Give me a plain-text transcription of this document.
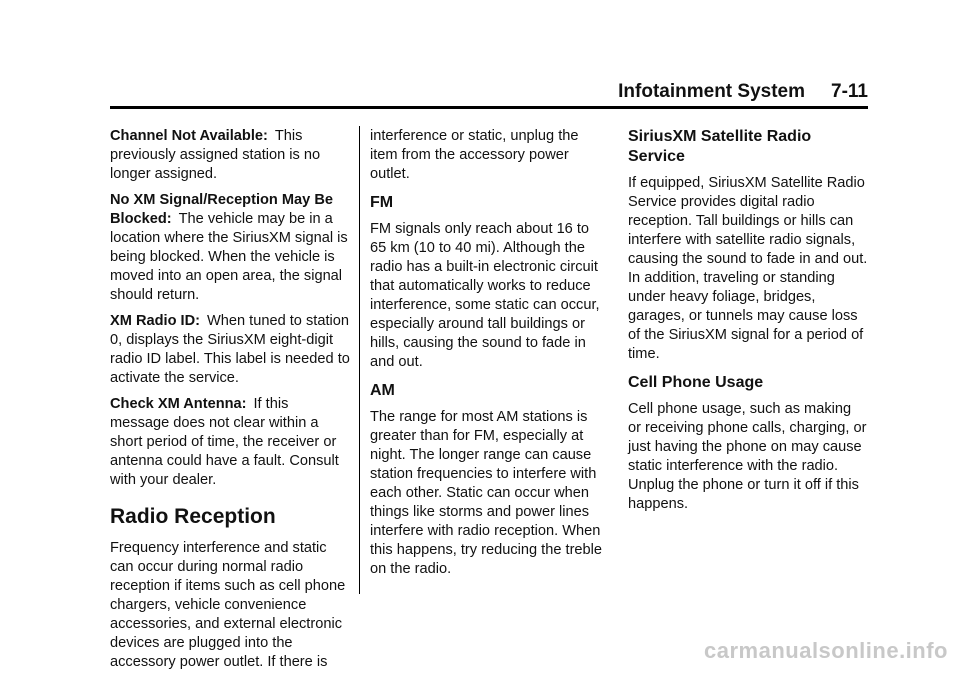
Infotainment System 7-11

Channel Not Available: This previously assigned station is no longer assigned.

No XM Signal/Reception May Be Blocked: The vehicle may be in a location where the SiriusXM signal is being blocked. When the vehicle is moved into an open area, the signal should return.

XM Radio ID: When tuned to station 0, displays the SiriusXM eight-digit radio ID label. This label is needed to activate the service.

Check XM Antenna: If this message does not clear within a short period of time, the receiver or antenna could have a fault. Consult with your dealer.

Radio Reception

Frequency interference and static can occur during normal radio reception if items such as cell phone chargers, vehicle convenience accessories, and external electronic devices are plugged into the accessory power outlet. If there is

interference or static, unplug the item from the accessory power outlet.

FM

FM signals only reach about 16 to 65 km (10 to 40 mi). Although the radio has a built-in electronic circuit that automatically works to reduce interference, some static can occur, especially around tall buildings or hills, causing the sound to fade in and out.

AM

The range for most AM stations is greater than for FM, especially at night. The longer range can cause station frequencies to interfere with each other. Static can occur when things like storms and power lines interfere with radio reception. When this happens, try reducing the treble on the radio.

SiriusXM Satellite Radio Service

If equipped, SiriusXM Satellite Radio Service provides digital radio reception. Tall buildings or hills can interfere with satellite radio signals, causing the sound to fade in and out. In addition, traveling or standing under heavy foliage, bridges, garages, or tunnels may cause loss of the SiriusXM signal for a period of time.

Cell Phone Usage

Cell phone usage, such as making or receiving phone calls, charging, or just having the phone on may cause static interference with the radio. Unplug the phone or turn it off if this happens.

carmanualsonline.info
